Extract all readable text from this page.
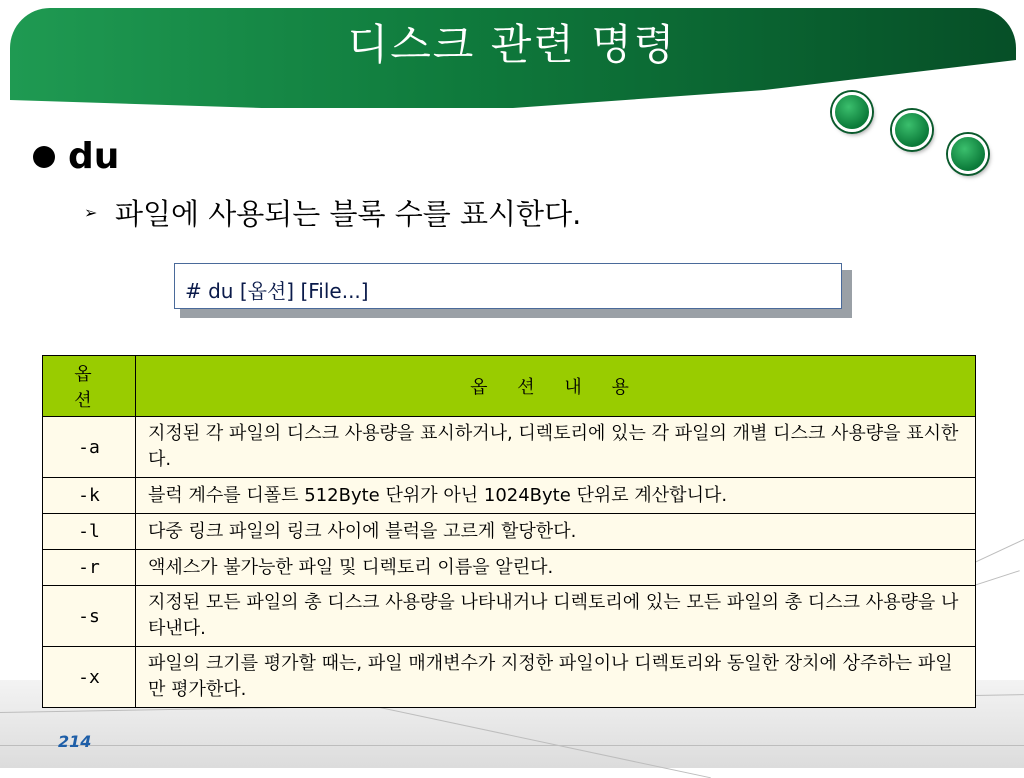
디스크 관련 명령
du
➢ 파일에 사용되는 블록 수를 표시한다.
# du [옵션] [File...]
옵 션	옵 션 내 용
-a	지정된 각 파일의 디스크 사용량을 표시하거나, 디렉토리에 있는 각 파일의 개별 디스크 사용량을 표시한다.
-k	블럭 계수를 디폴트 512Byte 단위가 아닌 1024Byte 단위로 계산합니다.
-l	다중 링크 파일의 링크 사이에 블럭을 고르게 할당한다.
-r	액세스가 불가능한 파일 및 디렉토리 이름을 알린다.
-s	지정된 모든 파일의 총 디스크 사용량을 나타내거나 디렉토리에 있는 모든 파일의 총 디스크 사용량을 나타낸다.
-x	파일의 크기를 평가할 때는, 파일 매개변수가 지정한 파일이나 디렉토리와 동일한 장치에 상주하는 파일만 평가한다.
214
